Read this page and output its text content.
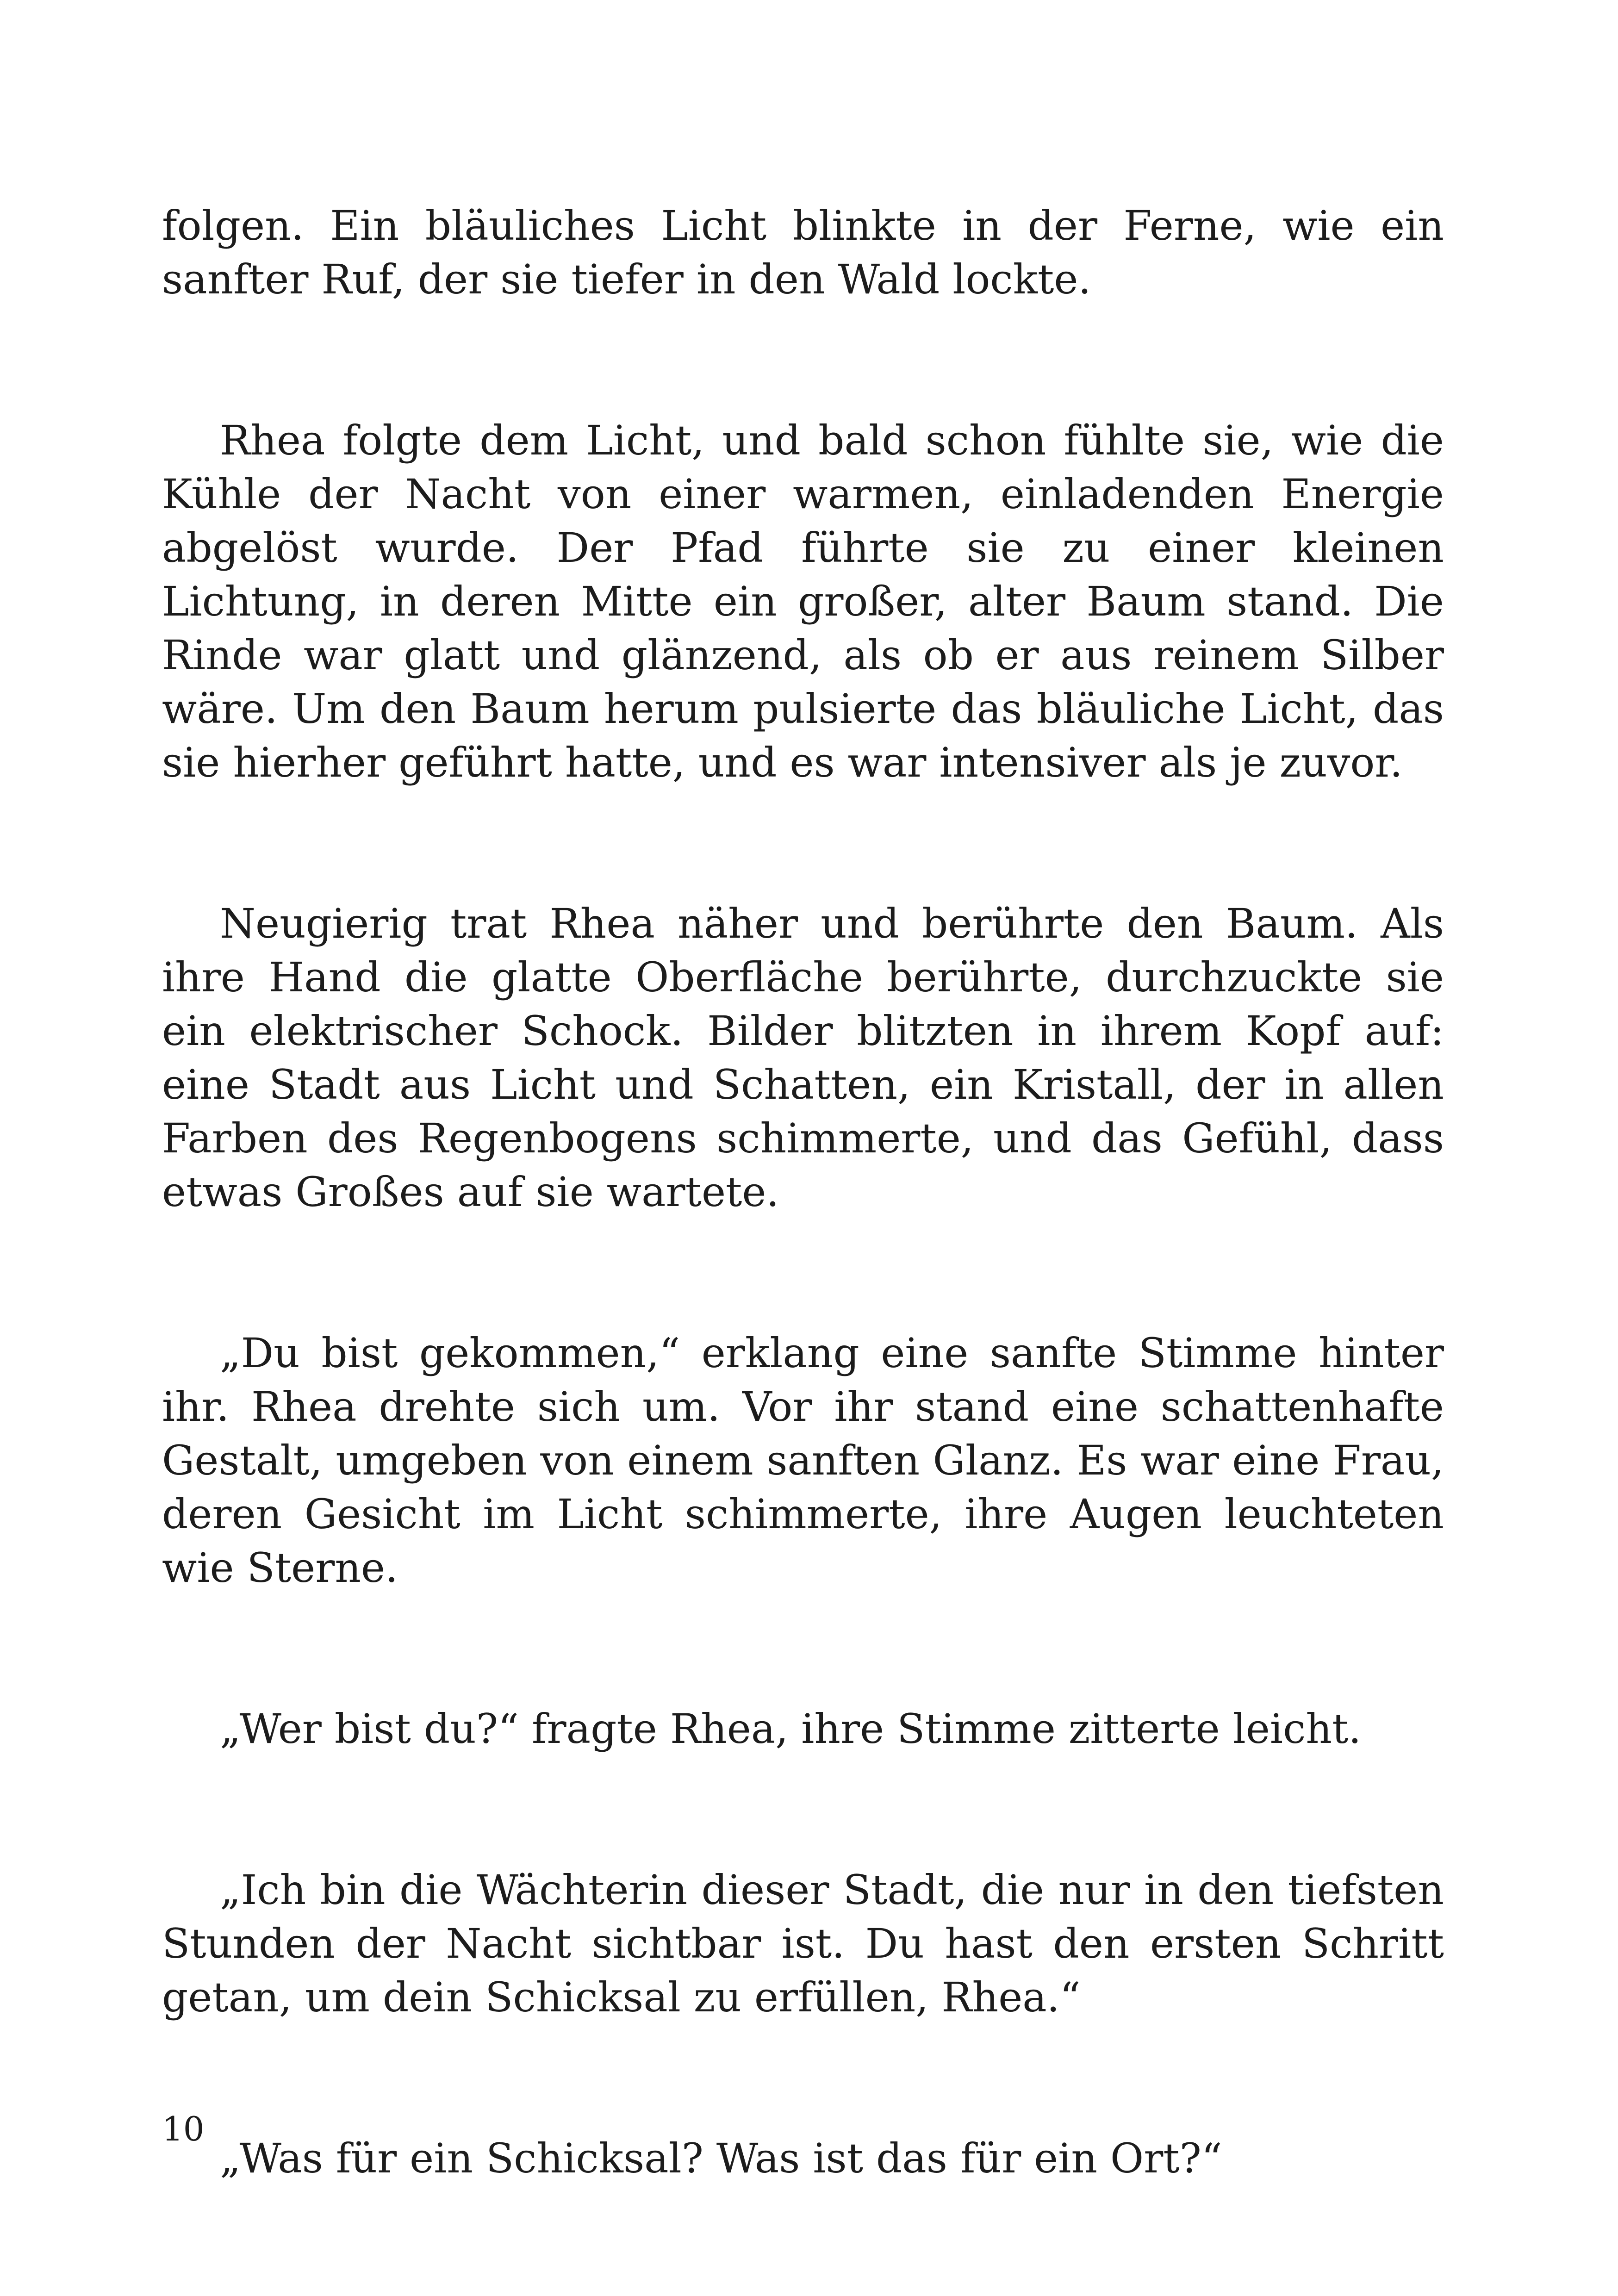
folgen. Ein bläuliches Licht blinkte in der Ferne, wie ein sanfter Ruf, der sie tiefer in den Wald lockte.

Rhea folgte dem Licht, und bald schon fühlte sie, wie die Kühle der Nacht von einer warmen, einladenden Energie abgelöst wurde. Der Pfad führte sie zu einer kleinen Lichtung, in deren Mitte ein großer, alter Baum stand. Die Rinde war glatt und glänzend, als ob er aus reinem Silber wäre. Um den Baum herum pulsierte das bläuliche Licht, das sie hierher geführt hatte, und es war intensiver als je zuvor.

Neugierig trat Rhea näher und berührte den Baum. Als ihre Hand die glatte Oberfläche berührte, durchzuckte sie ein elektrischer Schock. Bilder blitzten in ihrem Kopf auf: eine Stadt aus Licht und Schatten, ein Kristall, der in allen Farben des Regenbogens schimmerte, und das Gefühl, dass etwas Großes auf sie wartete.

„Du bist gekommen,“ erklang eine sanfte Stimme hinter ihr. Rhea drehte sich um. Vor ihr stand eine schattenhafte Gestalt, umgeben von einem sanften Glanz. Es war eine Frau, deren Gesicht im Licht schimmerte, ihre Augen leuchteten wie Sterne.

„Wer bist du?“ fragte Rhea, ihre Stimme zitterte leicht.

„Ich bin die Wächterin dieser Stadt, die nur in den tiefsten Stunden der Nacht sichtbar ist. Du hast den ersten Schritt getan, um dein Schicksal zu erfüllen, Rhea.“

„Was für ein Schicksal? Was ist das für ein Ort?“

10
